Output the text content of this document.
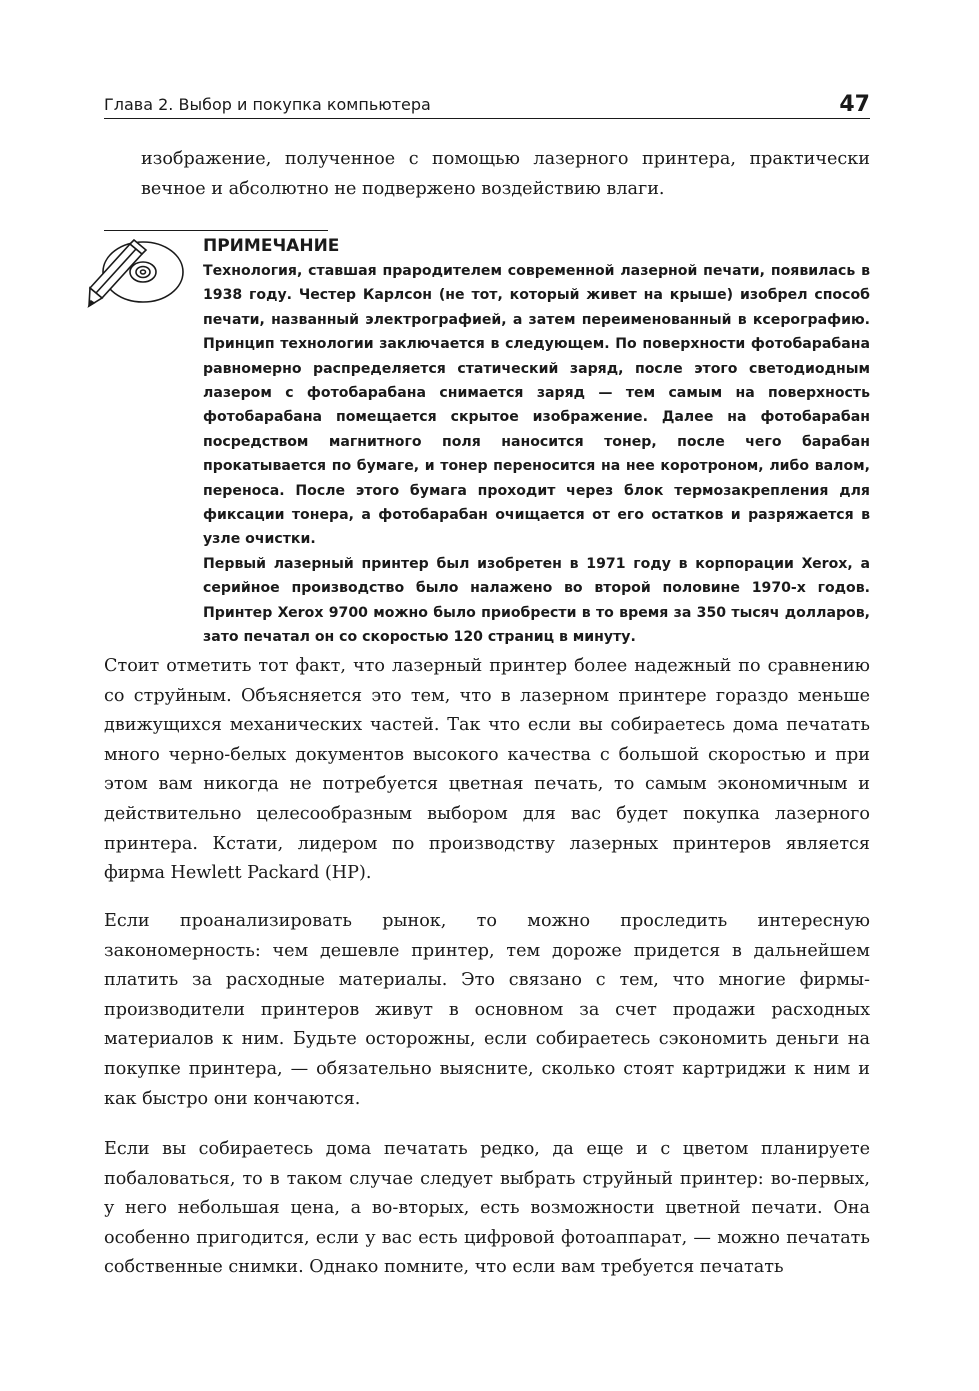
Глава 2. Выбор и покупка компьютера	47

изображение, полученное с помощью лазерного принтера, практически вечное и абсолютно не подвержено воздействию влаги.

ПРИМЕЧАНИЕ

Технология, ставшая прародителем современной лазерной печати, появилась в 1938 году. Честер Карлсон (не тот, который живет на крыше) изобрел способ печати, названный электрографией, а затем переименованный в ксерографию. Принцип технологии заключается в следующем. По поверхности фотобарабана равномерно распределяется статический заряд, после этого светодиодным лазером с фотобарабана снимается заряд — тем самым на поверхность фотобарабана помещается скрытое изображение. Далее на фотобарабан посредством магнитного поля наносится тонер, после чего барабан прокатывается по бумаге, и тонер переносится на нее коротроном, либо валом, переноса. После этого бумага проходит через блок термозакрепления для фиксации тонера, а фотобарабан очищается от его остатков и разряжается в узле очистки.

Первый лазерный принтер был изобретен в 1971 году в корпорации Xerox, а серийное производство было налажено во второй половине 1970-х годов. Принтер Xerox 9700 можно было приобрести в то время за 350 тысяч долларов, зато печатал он со скоростью 120 страниц в минуту.

Стоит отметить тот факт, что лазерный принтер более надежный по сравнению со струйным. Объясняется это тем, что в лазерном принтере гораздо меньше движущихся механических частей. Так что если вы собираетесь дома печатать много черно-белых документов высокого качества с большой скоростью и при этом вам никогда не потребуется цветная печать, то самым экономичным и действительно целесообразным выбором для вас будет покупка лазерного принтера. Кстати, лидером по производству лазерных принтеров является фирма Hewlett Packard (HP).

Если проанализировать рынок, то можно проследить интересную закономерность: чем дешевле принтер, тем дороже придется в дальнейшем платить за расходные материалы. Это связано с тем, что многие фирмы-производители принтеров живут в основном за счет продажи расходных материалов к ним. Будьте осторожны, если собираетесь сэкономить деньги на покупке принтера, — обязательно выясните, сколько стоят картриджи к ним и как быстро они кончаются.

Если вы собираетесь дома печатать редко, да еще и с цветом планируете побаловаться, то в таком случае следует выбрать струйный принтер: во-первых, у него небольшая цена, а во-вторых, есть возможности цветной печати. Она особенно пригодится, если у вас есть цифровой фотоаппарат, — можно печатать собственные снимки. Однако помните, что если вам требуется печатать
